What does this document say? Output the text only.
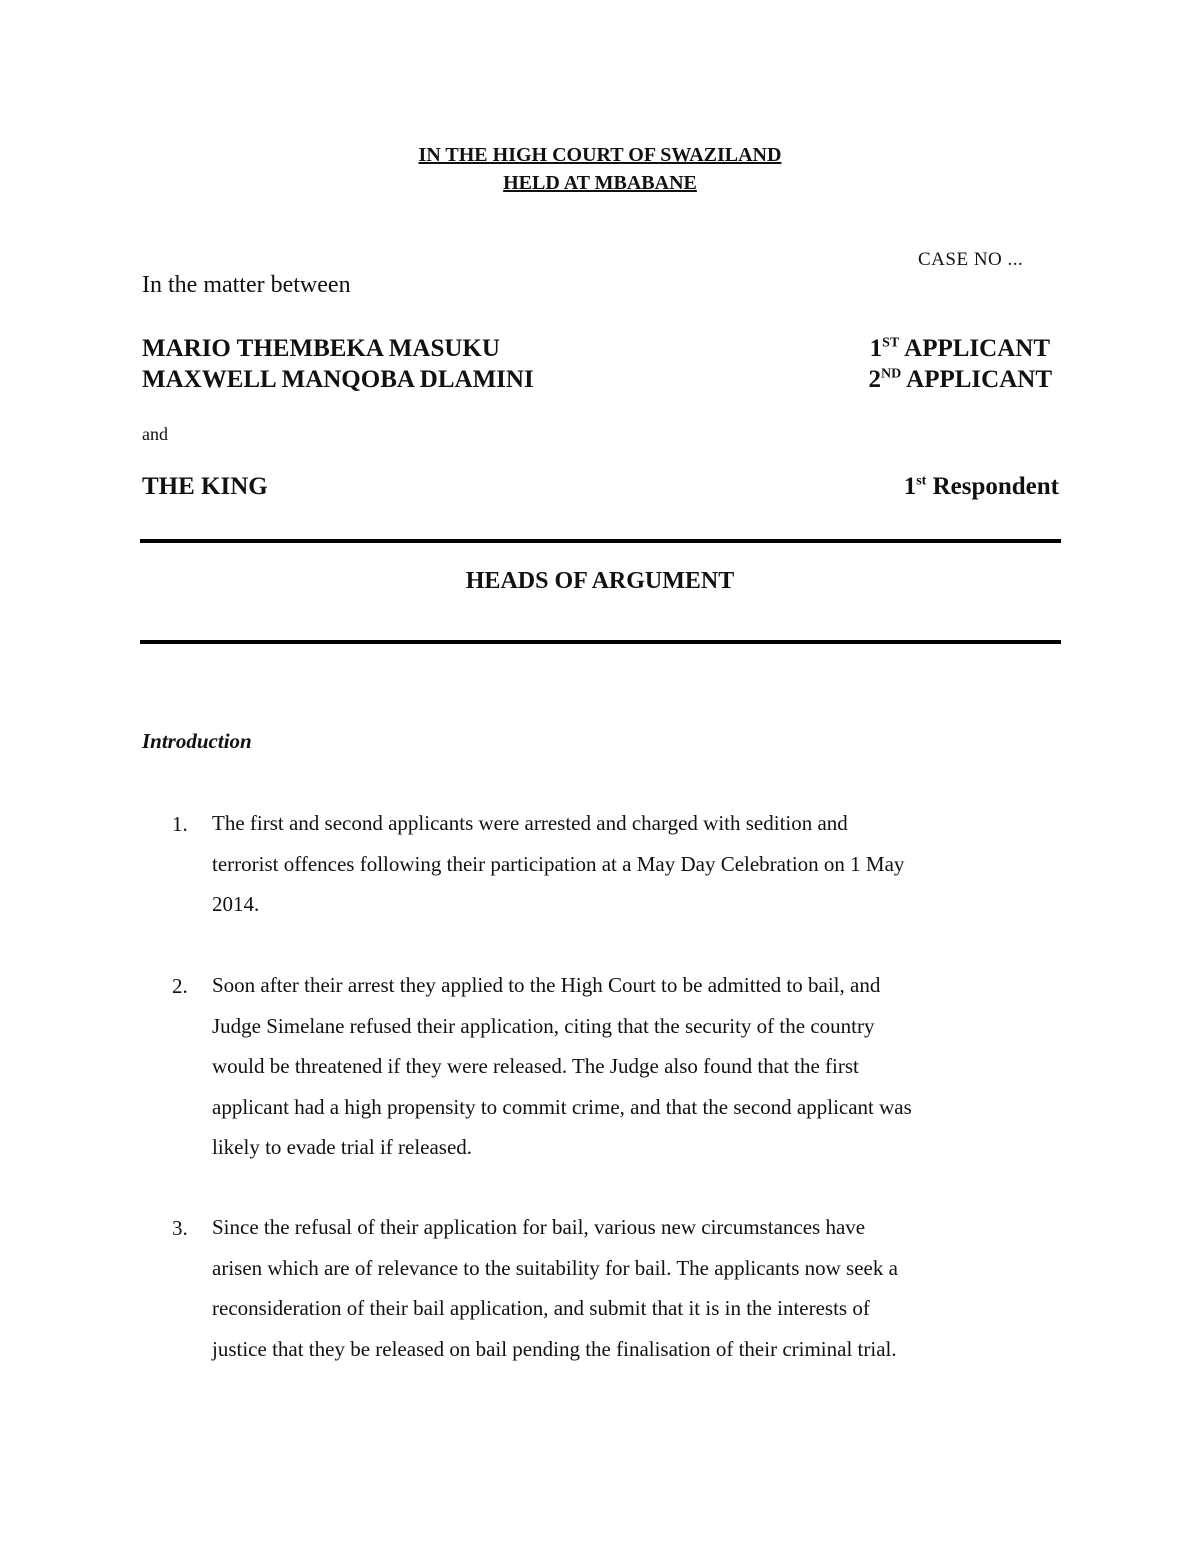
IN THE HIGH COURT OF SWAZILAND
HELD AT MBABANE
CASE NO ...
In the matter between
MARIO THEMBEKA MASUKU	1ST APPLICANT
MAXWELL MANQOBA DLAMINI	2ND APPLICANT
and
THE KING	1st Respondent
HEADS OF ARGUMENT
Introduction
1. The first and second applicants were arrested and charged with sedition and
terrorist offences following their participation at a May Day Celebration on 1 May
2014.
2. Soon after their arrest they applied to the High Court to be admitted to bail, and
Judge Simelane refused their application, citing that the security of the country
would be threatened if they were released. The Judge also found that the first
applicant had a high propensity to commit crime, and that the second applicant was
likely to evade trial if released.
3. Since the refusal of their application for bail, various new circumstances have
arisen which are of relevance to the suitability for bail. The applicants now seek a
reconsideration of their bail application, and submit that it is in the interests of
justice that they be released on bail pending the finalisation of their criminal trial.
